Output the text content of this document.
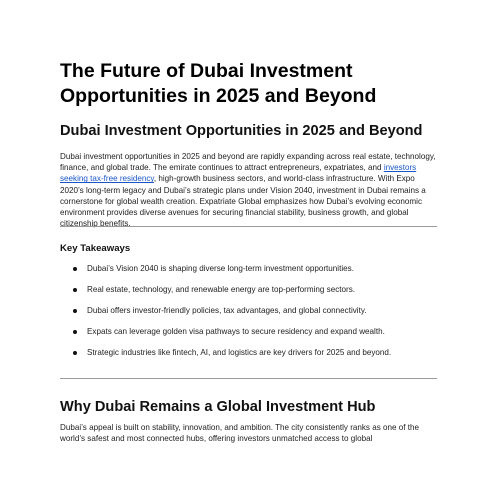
The Future of Dubai Investment
Opportunities in 2025 and Beyond
Dubai Investment Opportunities in 2025 and Beyond

Dubai investment opportunities in 2025 and beyond are rapidly expanding across real estate, technology, finance, and global trade. The emirate continues to attract entrepreneurs, expatriates, and investors seeking tax-free residency, high-growth business sectors, and world-class infrastructure. With Expo 2020’s long-term legacy and Dubai’s strategic plans under Vision 2040, investment in Dubai remains a cornerstone for global wealth creation. Expatriate Global emphasizes how Dubai’s evolving economic environment provides diverse avenues for securing financial stability, business growth, and global citizenship benefits.

Key Takeaways
Dubai’s Vision 2040 is shaping diverse long-term investment opportunities.
Real estate, technology, and renewable energy are top-performing sectors.
Dubai offers investor-friendly policies, tax advantages, and global connectivity.
Expats can leverage golden visa pathways to secure residency and expand wealth.
Strategic industries like fintech, AI, and logistics are key drivers for 2025 and beyond.
Why Dubai Remains a Global Investment Hub

Dubai’s appeal is built on stability, innovation, and ambition. The city consistently ranks as one of the world’s safest and most connected hubs, offering investors unmatched access to global
